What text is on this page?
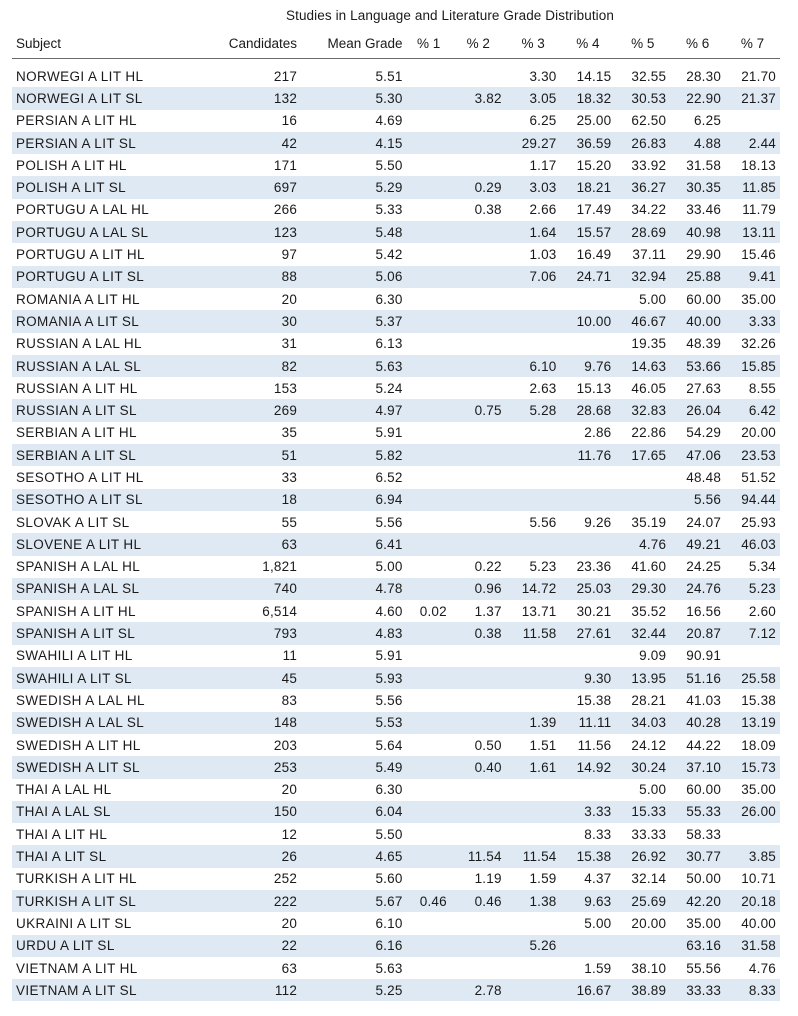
Studies in Language and Literature Grade Distribution
Subject	Candidates	Mean Grade	% 1	% 2	% 3	% 4	% 5	% 6	% 7
NORWEGI A LIT HL	217	5.51			3.30	14.15	32.55	28.30	21.70
NORWEGI A LIT SL	132	5.30		3.82	3.05	18.32	30.53	22.90	21.37
PERSIAN A LIT HL	16	4.69			6.25	25.00	62.50	6.25	
PERSIAN A LIT SL	42	4.15			29.27	36.59	26.83	4.88	2.44
POLISH A LIT HL	171	5.50			1.17	15.20	33.92	31.58	18.13
POLISH A LIT SL	697	5.29		0.29	3.03	18.21	36.27	30.35	11.85
PORTUGU A LAL HL	266	5.33		0.38	2.66	17.49	34.22	33.46	11.79
PORTUGU A LAL SL	123	5.48			1.64	15.57	28.69	40.98	13.11
PORTUGU A LIT HL	97	5.42			1.03	16.49	37.11	29.90	15.46
PORTUGU A LIT SL	88	5.06			7.06	24.71	32.94	25.88	9.41
ROMANIA A LIT HL	20	6.30					5.00	60.00	35.00
ROMANIA A LIT SL	30	5.37				10.00	46.67	40.00	3.33
RUSSIAN A LAL HL	31	6.13					19.35	48.39	32.26
RUSSIAN A LAL SL	82	5.63			6.10	9.76	14.63	53.66	15.85
RUSSIAN A LIT HL	153	5.24			2.63	15.13	46.05	27.63	8.55
RUSSIAN A LIT SL	269	4.97		0.75	5.28	28.68	32.83	26.04	6.42
SERBIAN A LIT HL	35	5.91				2.86	22.86	54.29	20.00
SERBIAN A LIT SL	51	5.82				11.76	17.65	47.06	23.53
SESOTHO A LIT HL	33	6.52						48.48	51.52
SESOTHO A LIT SL	18	6.94						5.56	94.44
SLOVAK A LIT SL	55	5.56			5.56	9.26	35.19	24.07	25.93
SLOVENE A LIT HL	63	6.41					4.76	49.21	46.03
SPANISH A LAL HL	1,821	5.00		0.22	5.23	23.36	41.60	24.25	5.34
SPANISH A LAL SL	740	4.78		0.96	14.72	25.03	29.30	24.76	5.23
SPANISH A LIT HL	6,514	4.60	0.02	1.37	13.71	30.21	35.52	16.56	2.60
SPANISH A LIT SL	793	4.83		0.38	11.58	27.61	32.44	20.87	7.12
SWAHILI A LIT HL	11	5.91					9.09	90.91	
SWAHILI A LIT SL	45	5.93				9.30	13.95	51.16	25.58
SWEDISH A LAL HL	83	5.56				15.38	28.21	41.03	15.38
SWEDISH A LAL SL	148	5.53			1.39	11.11	34.03	40.28	13.19
SWEDISH A LIT HL	203	5.64		0.50	1.51	11.56	24.12	44.22	18.09
SWEDISH A LIT SL	253	5.49		0.40	1.61	14.92	30.24	37.10	15.73
THAI A LAL HL	20	6.30					5.00	60.00	35.00
THAI A LAL SL	150	6.04				3.33	15.33	55.33	26.00
THAI A LIT HL	12	5.50				8.33	33.33	58.33	
THAI A LIT SL	26	4.65		11.54	11.54	15.38	26.92	30.77	3.85
TURKISH A LIT HL	252	5.60		1.19	1.59	4.37	32.14	50.00	10.71
TURKISH A LIT SL	222	5.67	0.46	0.46	1.38	9.63	25.69	42.20	20.18
UKRAINI A LIT SL	20	6.10				5.00	20.00	35.00	40.00
URDU A LIT SL	22	6.16			5.26			63.16	31.58
VIETNAM A LIT HL	63	5.63				1.59	38.10	55.56	4.76
VIETNAM A LIT SL	112	5.25		2.78		16.67	38.89	33.33	8.33
